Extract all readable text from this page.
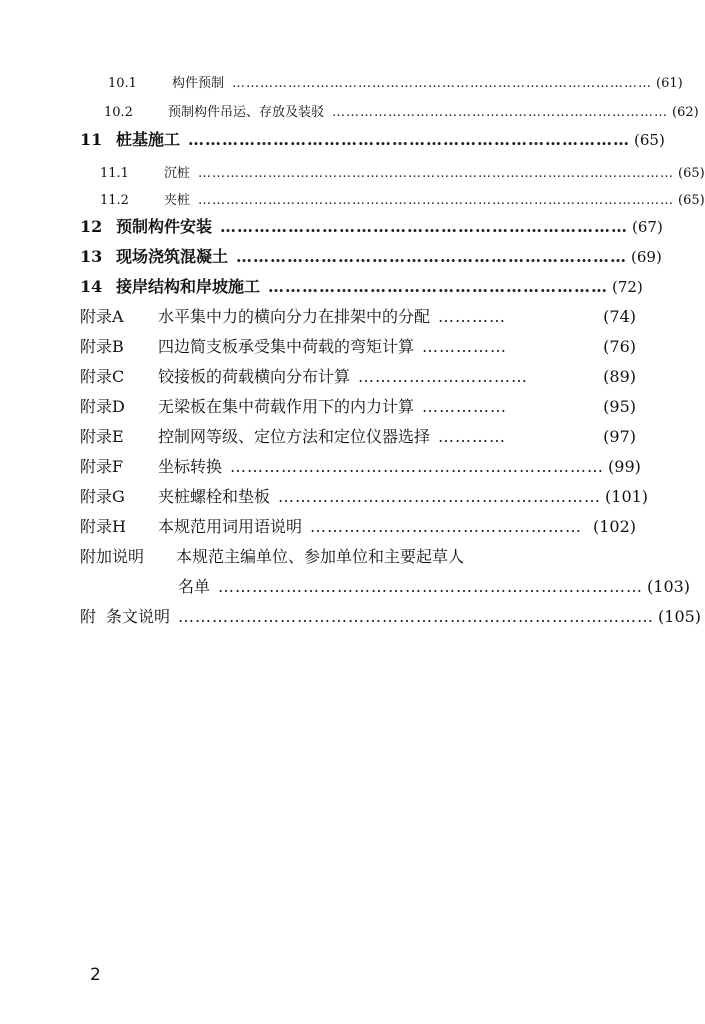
10.1	构件预制 ……………………………………………………………………………… (61)
10.2	预制构件吊运、存放及装驳 ……………………………………………………………… (62)
11 桩基施工 …………………………………………………………………… (65)
11.1	沉桩 ………………………………………………………………………………………… (65)
11.2	夹桩 ………………………………………………………………………………………… (65)
12 预制构件安装 ……………………………………………………………… (67)
13 现场浇筑混凝土 …………………………………………………………… (69)
14 接岸结构和岸坡施工 …………………………………………………… (72)
附录A	水平集中力的横向分力在排架中的分配 …………	(74)
附录B	四边简支板承受集中荷载的弯矩计算 ……………	(76)
附录C	铰接板的荷载横向分布计算 …………………………	(89)
附录D	无梁板在集中荷载作用下的内力计算 ……………	(95)
附录E	控制网等级、定位方法和定位仪器选择 …………	(97)
附录F	坐标转换 ………………………………………………………… (99)
附录G	夹桩螺栓和垫板 ………………………………………………… (101)
附录H	本规范用词用语说明 ………………………………………… (102)
附加说明	本规范主编单位、参加单位和主要起草人
名单 ………………………………………………………………… (103)
附 条文说明 ………………………………………………………………………… (105)
2
